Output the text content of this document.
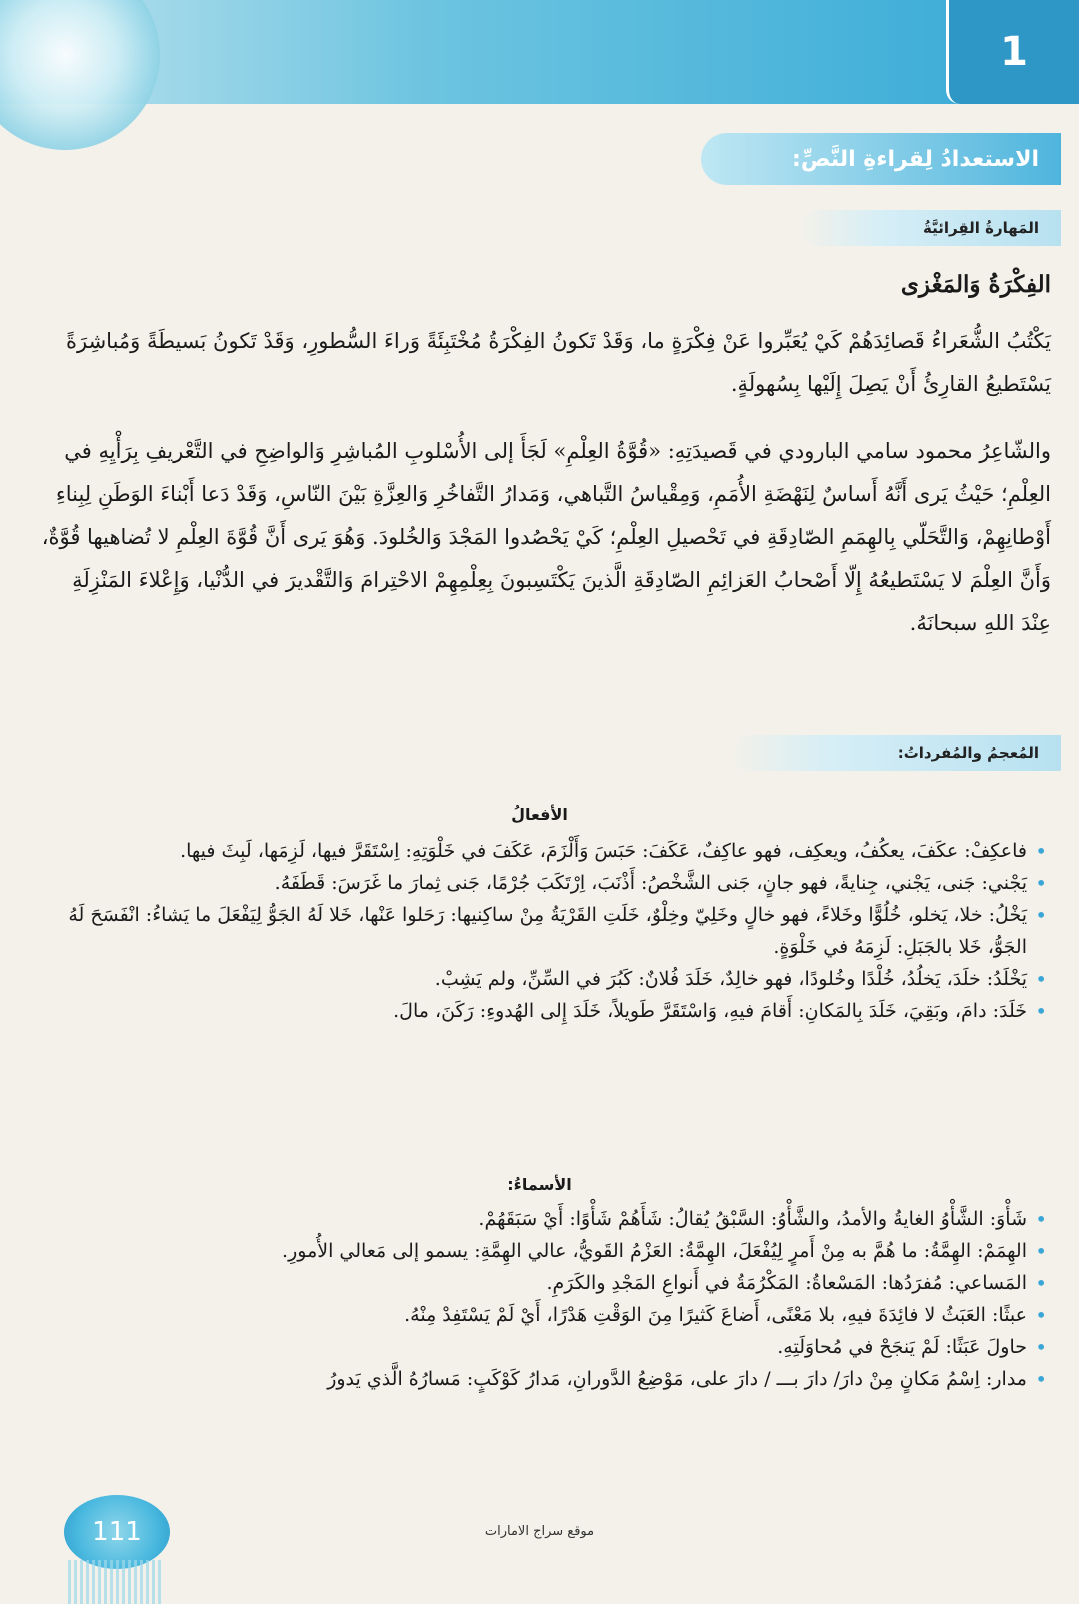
1
الاستعدادُ لِقراءةِ النَّصِّ:
المَهارةُ القِرائيَّةُ
الفِكْرَةُ وَالمَغْزى
يَكْتُبُ الشُّعَراءُ قَصائِدَهُمْ كَيْ يُعَبِّروا عَنْ فِكْرَةٍ ما، وَقَدْ تَكونُ الفِكْرَةُ مُخْتَبِئَةً وَراءَ السُّطورِ، وَقَدْ تَكونُ بَسيطَةً وَمُباشِرَةً يَسْتَطيعُ القارِئُ أَنْ يَصِلَ إِلَيْها بِسُهولَةٍ.
والشّاعِرُ محمود سامي البارودي في قَصيدَتِهِ: «قُوَّةُ العِلْمِ» لَجَأَ إلى الأُسْلوبِ المُباشِرِ وَالواضِحِ في التَّعْريفِ بِرَأْيِهِ في العِلْمِ؛ حَيْثُ يَرى أَنَّهُ أَساسٌ لِنَهْضَةِ الأُمَمِ، وَمِقْياسُ التَّباهي، وَمَدارُ التَّفاخُرِ وَالعِزَّةِ بَيْنَ النّاسِ، وَقَدْ دَعا أَبْناءَ الوَطَنِ لِبِناءِ أَوْطانِهِمْ، وَالتَّحَلّي بِالهِمَمِ الصّادِقَةِ في تَحْصيلِ العِلْمِ؛ كَيْ يَحْصُدوا المَجْدَ وَالخُلودَ. وَهُوَ يَرى أَنَّ قُوَّةَ العِلْمِ لا تُضاهيها قُوَّةٌ، وَأَنَّ العِلْمَ لا يَسْتَطيعُهُ إِلّا أَصْحابُ العَزائِمِ الصّادِقَةِ الَّذينَ يَكْتَسِبونَ بِعِلْمِهِمْ الاحْتِرامَ وَالتَّقْديرَ في الدُّنْيا، وَإِعْلاءَ المَنْزِلَةِ عِنْدَ اللهِ سبحانَهُ.
المُعجمُ والمُفرداتُ:
الأفعالُ
• فاعكِفْ: عكَفَ، يعكُفُ، ويعكِف، فهو عاكِفٌ، عَكَفَ: حَبَسَ وَأَلْزَمَ، عَكَفَ في خَلْوَتِهِ: اِسْتَقَرَّ فيها، لَزِمَها، لَبِثَ فيها.
• يَجْني: جَنى، يَجْني، جِنايةً، فهو جانٍ، جَنى الشَّخْصُ: أَذْنَبَ، اِرْتَكَبَ جُرْمًا، جَنى ثِمارَ ما غَرَسَ: قَطَفَهُ.
• يَخْلُ: خلا، يَخلو، خُلُوًّا وخَلاءً، فهو خالٍ وخَلِيّ وخِلْوٌ، خَلَتِ القَرْيَةُ مِنْ ساكِنيها: رَحَلوا عَنْها، خَلا لَهُ الجَوُّ لِيَفْعَلَ ما يَشاءُ: انْفَسَحَ لَهُ الجَوُّ، خَلا بالجَبَلِ: لَزِمَهُ في خَلْوَةٍ.
• يَخْلَدُ: خلَدَ، يَخلُدُ، خُلْدًا وخُلودًا، فهو خالِدٌ، خَلَدَ فُلانٌ: كَبُرَ في السِّنِّ، ولم يَشِبْ.
• خَلَدَ: دامَ، وبَقِيَ، خَلَدَ بِالمَكانِ: أَقامَ فيهِ، وَاسْتَقَرَّ طَويلاً، خَلَدَ إِلى الهُدوءِ: رَكَنَ، مالَ.
الأسماءُ:
• شَأْوَ: الشَّأْوُ الغايةُ والأمدُ، والشَّأْوُ: السَّبْقُ يُقالُ: شَأَهُمْ شَأْوًا: أَيْ سَبَقَهُمْ.
• الهِمَمْ: الهِمَّةُ: ما هُمَّ به مِنْ أَمرٍ لِيُفْعَلَ، الهِمَّةُ: العَزْمُ القَويُّ، عالي الهِمَّةِ: يسمو إلى مَعالي الأُمورِ.
• المَساعي: مُفرَدُها: المَسْعاةُ: المَكْرُمَةُ في أَنواعِ المَجْدِ والكَرَمِ.
• عبثًا: العَبَثُ لا فائِدَةَ فيهِ، بلا مَعْنًى، أَضاعَ كَثيرًا مِنَ الوَقْتِ هَدْرًا، أَيْ لَمْ يَسْتَفِدْ مِنْهُ.
• حاولَ عَبَثًا: لَمْ يَنجَحْ في مُحاوَلَتِهِ.
• مدار: اِسْمُ مَكانٍ مِنْ دارَ/ دارَ بـــ / دارَ على، مَوْضِعُ الدَّورانِ، مَدارُ كَوْكَبٍ: مَسارُهُ الَّذي يَدورُ
111	موقع سراج الامارات
